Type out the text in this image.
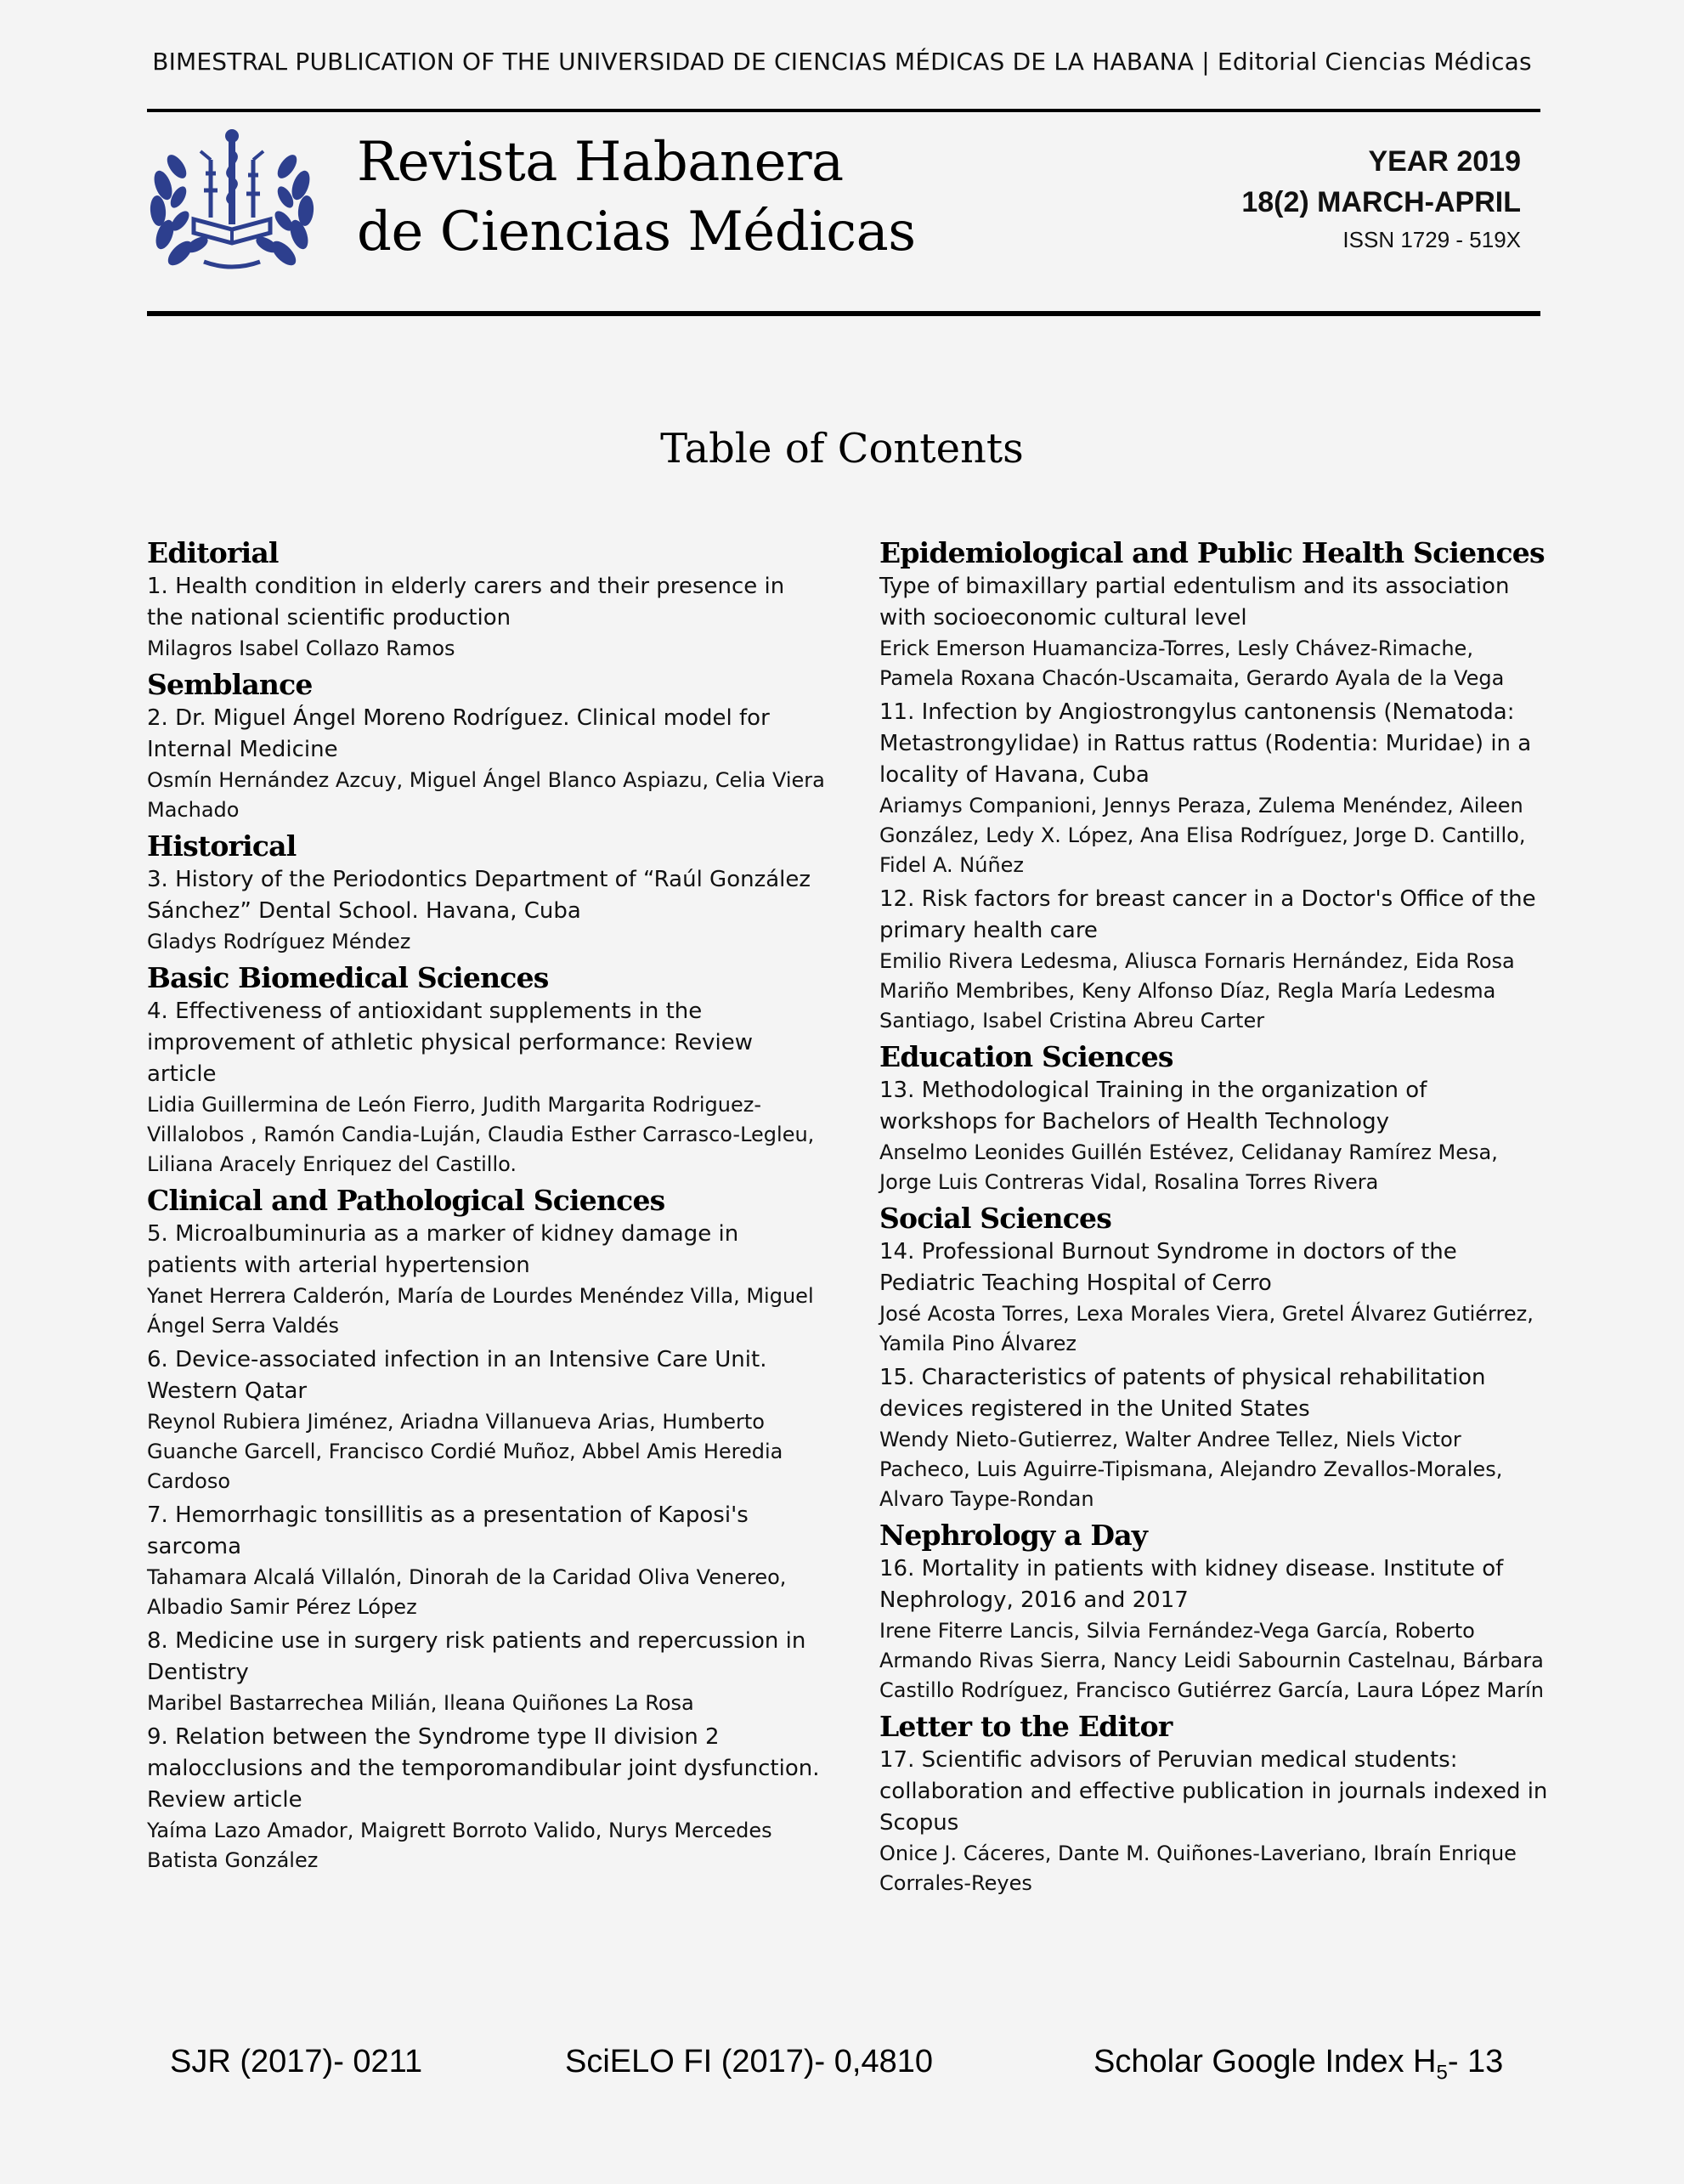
BIMESTRAL PUBLICATION OF THE UNIVERSIDAD DE CIENCIAS MÉDICAS DE LA HABANA | Editorial Ciencias Médicas
Revista Habanera
de Ciencias Médicas
YEAR 2019
18(2) MARCH-APRIL
ISSN 1729 - 519X
Table of Contents
Editorial
1. Health condition in elderly carers and their presence in the national scientific production
Milagros Isabel Collazo Ramos
Semblance
2. Dr. Miguel Ángel Moreno Rodríguez. Clinical model for Internal Medicine
Osmín Hernández Azcuy, Miguel Ángel Blanco Aspiazu, Celia Viera Machado
Historical
3. History of the Periodontics Department of “Raúl González Sánchez” Dental School. Havana, Cuba
Gladys Rodríguez Méndez
Basic Biomedical Sciences
4. Effectiveness of antioxidant supplements in the improvement of athletic physical performance: Review article
Lidia Guillermina de León Fierro, Judith Margarita Rodriguez-Villalobos , Ramón Candia-Luján, Claudia Esther Carrasco-Legleu, Liliana Aracely Enriquez del Castillo.
Clinical and Pathological Sciences
5. Microalbuminuria as a marker of kidney damage in patients with arterial hypertension
Yanet Herrera Calderón, María de Lourdes Menéndez Villa, Miguel Ángel Serra Valdés
6. Device-associated infection in an Intensive Care Unit. Western Qatar
Reynol Rubiera Jiménez, Ariadna Villanueva Arias, Humberto Guanche Garcell, Francisco Cordié Muñoz, Abbel Amis Heredia Cardoso
7. Hemorrhagic tonsillitis as a presentation of Kaposi's sarcoma
Tahamara Alcalá Villalón, Dinorah de la Caridad Oliva Venereo, Albadio Samir Pérez López
8. Medicine use in surgery risk patients and repercussion in Dentistry
Maribel Bastarrechea Milián, Ileana Quiñones La Rosa
9. Relation between the Syndrome type II division 2 malocclusions and the temporomandibular joint dysfunction. Review article
Yaíma Lazo Amador, Maigrett Borroto Valido, Nurys Mercedes Batista González
Epidemiological and Public Health Sciences
Type of bimaxillary partial edentulism and its association with socioeconomic cultural level
Erick Emerson Huamanciza-Torres, Lesly Chávez-Rimache, Pamela Roxana Chacón-Uscamaita, Gerardo Ayala de la Vega
11. Infection by Angiostrongylus cantonensis (Nematoda: Metastrongylidae) in Rattus rattus (Rodentia: Muridae) in a locality of Havana, Cuba
Ariamys Companioni, Jennys Peraza, Zulema Menéndez, Aileen González, Ledy X. López, Ana Elisa Rodríguez, Jorge D. Cantillo, Fidel A. Núñez
12. Risk factors for breast cancer in a Doctor's Office of the primary health care
Emilio Rivera Ledesma, Aliusca Fornaris Hernández, Eida Rosa Mariño Membribes, Keny Alfonso Díaz, Regla María Ledesma Santiago, Isabel Cristina Abreu Carter
Education Sciences
13. Methodological Training in the organization of workshops for Bachelors of Health Technology
Anselmo Leonides Guillén Estévez, Celidanay Ramírez Mesa, Jorge Luis Contreras Vidal, Rosalina Torres Rivera
Social Sciences
14. Professional Burnout Syndrome in doctors of the Pediatric Teaching Hospital of Cerro
José Acosta Torres, Lexa Morales Viera, Gretel Álvarez Gutiérrez, Yamila Pino Álvarez
15. Characteristics of patents of physical rehabilitation devices registered in the United States
Wendy Nieto-Gutierrez, Walter Andree Tellez, Niels Victor Pacheco, Luis Aguirre-Tipismana, Alejandro Zevallos-Morales, Alvaro Taype-Rondan
Nephrology a Day
16. Mortality in patients with kidney disease. Institute of Nephrology, 2016 and 2017
Irene Fiterre Lancis, Silvia Fernández-Vega García, Roberto Armando Rivas Sierra, Nancy Leidi Sabournin Castelnau, Bárbara Castillo Rodríguez, Francisco Gutiérrez García, Laura López Marín
Letter to the Editor
17. Scientific advisors of Peruvian medical students: collaboration and effective publication in journals indexed in Scopus
Onice J. Cáceres, Dante M. Quiñones-Laveriano, Ibraín Enrique Corrales-Reyes
SJR (2017)- 0211	SciELO FI (2017)- 0,4810	Scholar Google Index $H_5-$ 13
